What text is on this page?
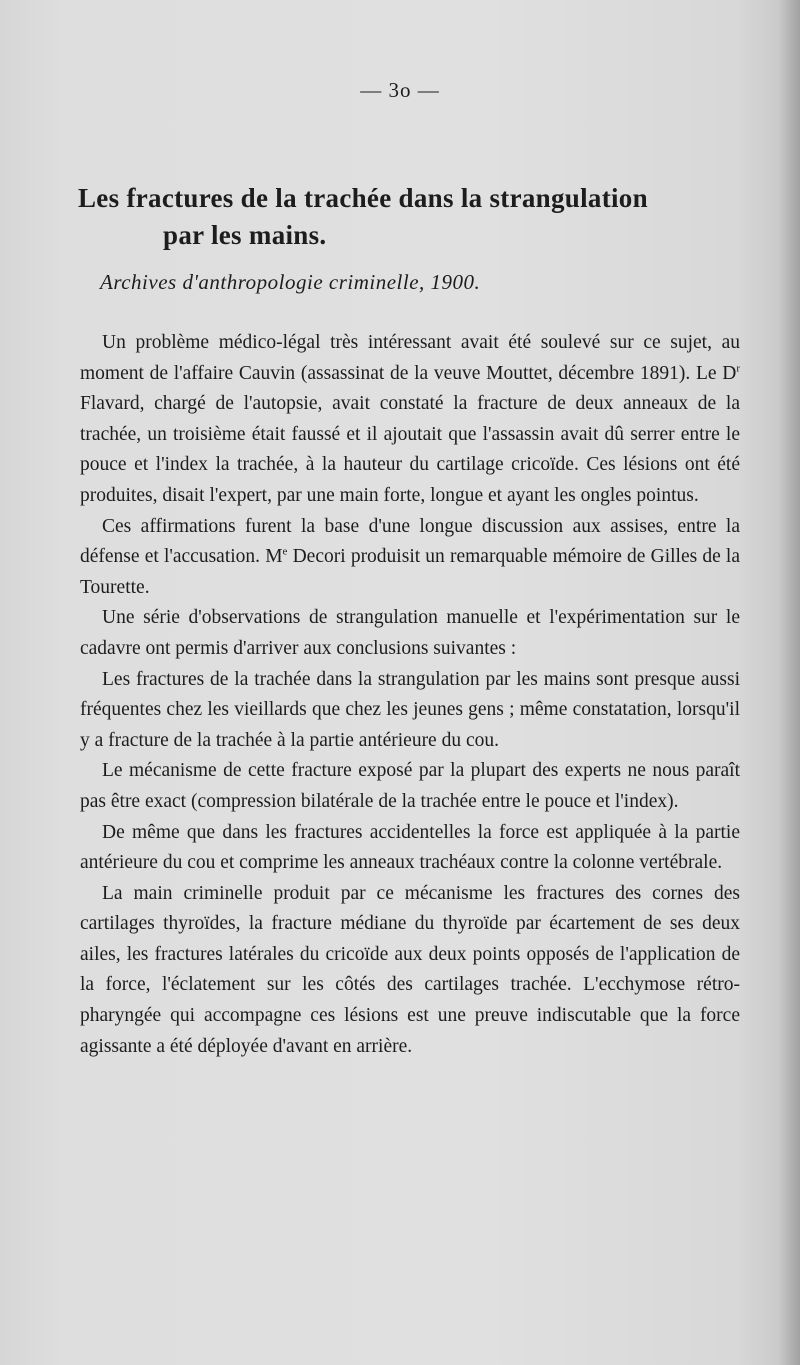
— 3o —
Les fractures de la trachée dans la strangulation
par les mains.
Archives d'anthropologie criminelle, 1900.

Un problème médico-légal très intéressant avait été soulevé sur ce sujet, au moment de l'affaire Cauvin (assassinat de la veuve Mouttet, décembre 1891). Le $D^r$ Flavard, chargé de l'autopsie, avait constaté la fracture de deux anneaux de la trachée, un troisième était faussé et il ajoutait que l'assassin avait dû serrer entre le pouce et l'index la trachée, à la hauteur du cartilage cricoïde. Ces lésions ont été produites, disait l'expert, par une main forte, longue et ayant les ongles pointus.

Ces affirmations furent la base d'une longue discussion aux assises, entre la défense et l'accusation. Me Decori produisit un remarquable mémoire de Gilles de la Tourette.

Une série d'observations de strangulation manuelle et l'expérimentation sur le cadavre ont permis d'arriver aux conclusions suivantes :

Les fractures de la trachée dans la strangulation par les mains sont presque aussi fréquentes chez les vieillards que chez les jeunes gens ; même constatation, lorsqu'il y a fracture de la trachée à la partie antérieure du cou.

Le mécanisme de cette fracture exposé par la plupart des experts ne nous paraît pas être exact (compression bilatérale de la trachée entre le pouce et l'index).

De même que dans les fractures accidentelles la force est appliquée à la partie antérieure du cou et comprime les anneaux trachéaux contre la colonne vertébrale.

La main criminelle produit par ce mécanisme les fractures des cornes des cartilages thyroïdes, la fracture médiane du thyroïde par écartement de ses deux ailes, les fractures latérales du cricoïde aux deux points opposés de l'application de la force, l'éclatement sur les côtés des cartilages trachée. L'ecchymose rétro-pharyngée qui accompagne ces lésions est une preuve indiscutable que la force agissante a été déployée d'avant en arrière.
